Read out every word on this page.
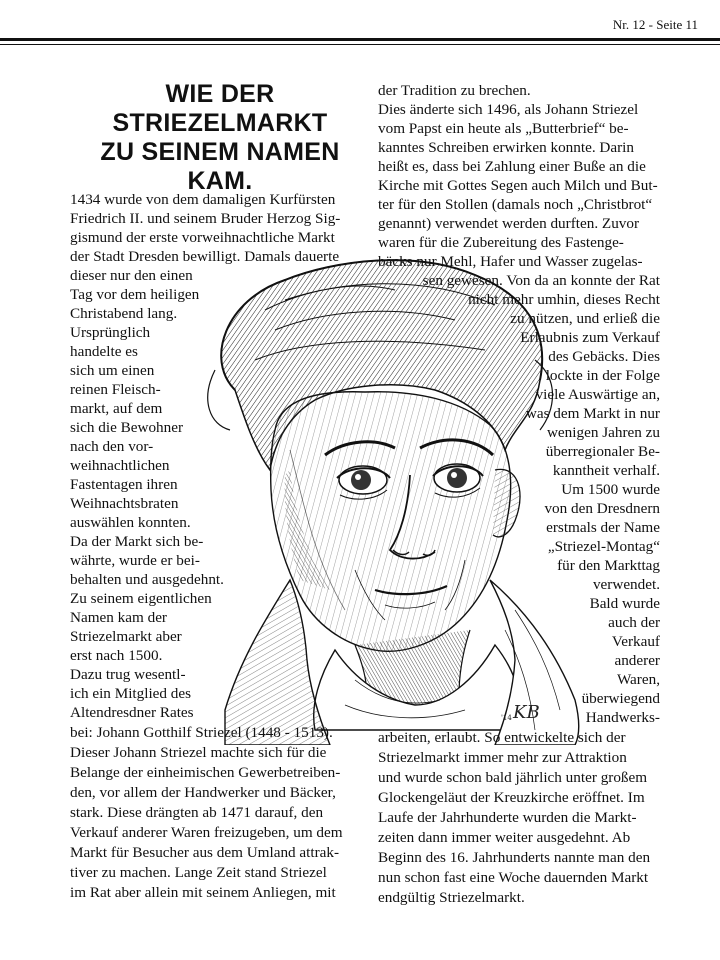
Nr. 12 - Seite 11
WIE DER
STRIEZELMARKT
ZU SEINEM NAMEN
KAM.
KB
'14
1434 wurde von dem damaligen Kurfürsten
Friedrich II. und seinem Bruder Herzog Sig-
gismund der erste vorweihnachtliche Markt
der Stadt Dresden bewilligt. Damals dauerte
dieser nur den einen
Tag vor dem heiligen
Christabend lang.
Ursprünglich
handelte es
sich um einen
reinen Fleisch-
markt, auf dem
sich die Bewohner
nach den vor-
weihnachtlichen
Fastentagen ihren
Weihnachtsbraten
auswählen konnten.
Da der Markt sich be-
währte, wurde er bei-
behalten und ausgedehnt.
Zu seinem eigentlichen
Namen kam der
Striezelmarkt aber
erst nach 1500.
Dazu trug wesentl-
ich ein Mitglied des
Altendresdner Rates
bei: Johann Gotthilf Striezel (1448 - 1513).
Dieser Johann Striezel machte sich für die
Belange der einheimischen Gewerbetreiben-
den, vor allem der Handwerker und Bäcker,
stark. Diese drängten ab 1471 darauf, den
Verkauf anderer Waren freizugeben, um dem
Markt für Besucher aus dem Umland attrak-
tiver zu machen. Lange Zeit stand Striezel
im Rat aber allein mit seinem Anliegen, mit
der Tradition zu brechen.
Dies änderte sich 1496, als Johann Striezel
vom Papst ein heute als „Butterbrief“ be-
kanntes Schreiben erwirken konnte. Darin
heißt es, dass bei Zahlung einer Buße an die
Kirche mit Gottes Segen auch Milch und But-
ter für den Stollen (damals noch „Christbrot“
genannt) verwendet werden durften. Zuvor
waren für die Zubereitung des Fastenge-
bäcks nur Mehl, Hafer und Wasser zugelas-
sen gewesen. Von da an konnte der Rat
nicht mehr umhin, dieses Recht
zu nützen, und erließ die
Erlaubnis zum Verkauf
des Gebäcks. Dies
lockte in der Folge
viele Auswärtige an,
was dem Markt in nur
wenigen Jahren zu
überregionaler Be-
kanntheit verhalf.
Um 1500 wurde
von den Dresdnern
erstmals der Name
„Striezel-Montag“
für den Markttag
verwendet.
Bald wurde
auch der
Verkauf
anderer
Waren,
überwiegend
Handwerks-
arbeiten, erlaubt. So entwickelte sich der
Striezelmarkt immer mehr zur Attraktion
und wurde schon bald jährlich unter großem
Glockengeläut der Kreuzkirche eröffnet. Im
Laufe der Jahrhunderte wurden die Markt-
zeiten dann immer weiter ausgedehnt. Ab
Beginn des 16. Jahrhunderts nannte man den
nun schon fast eine Woche dauernden Markt
endgültig Striezelmarkt.
